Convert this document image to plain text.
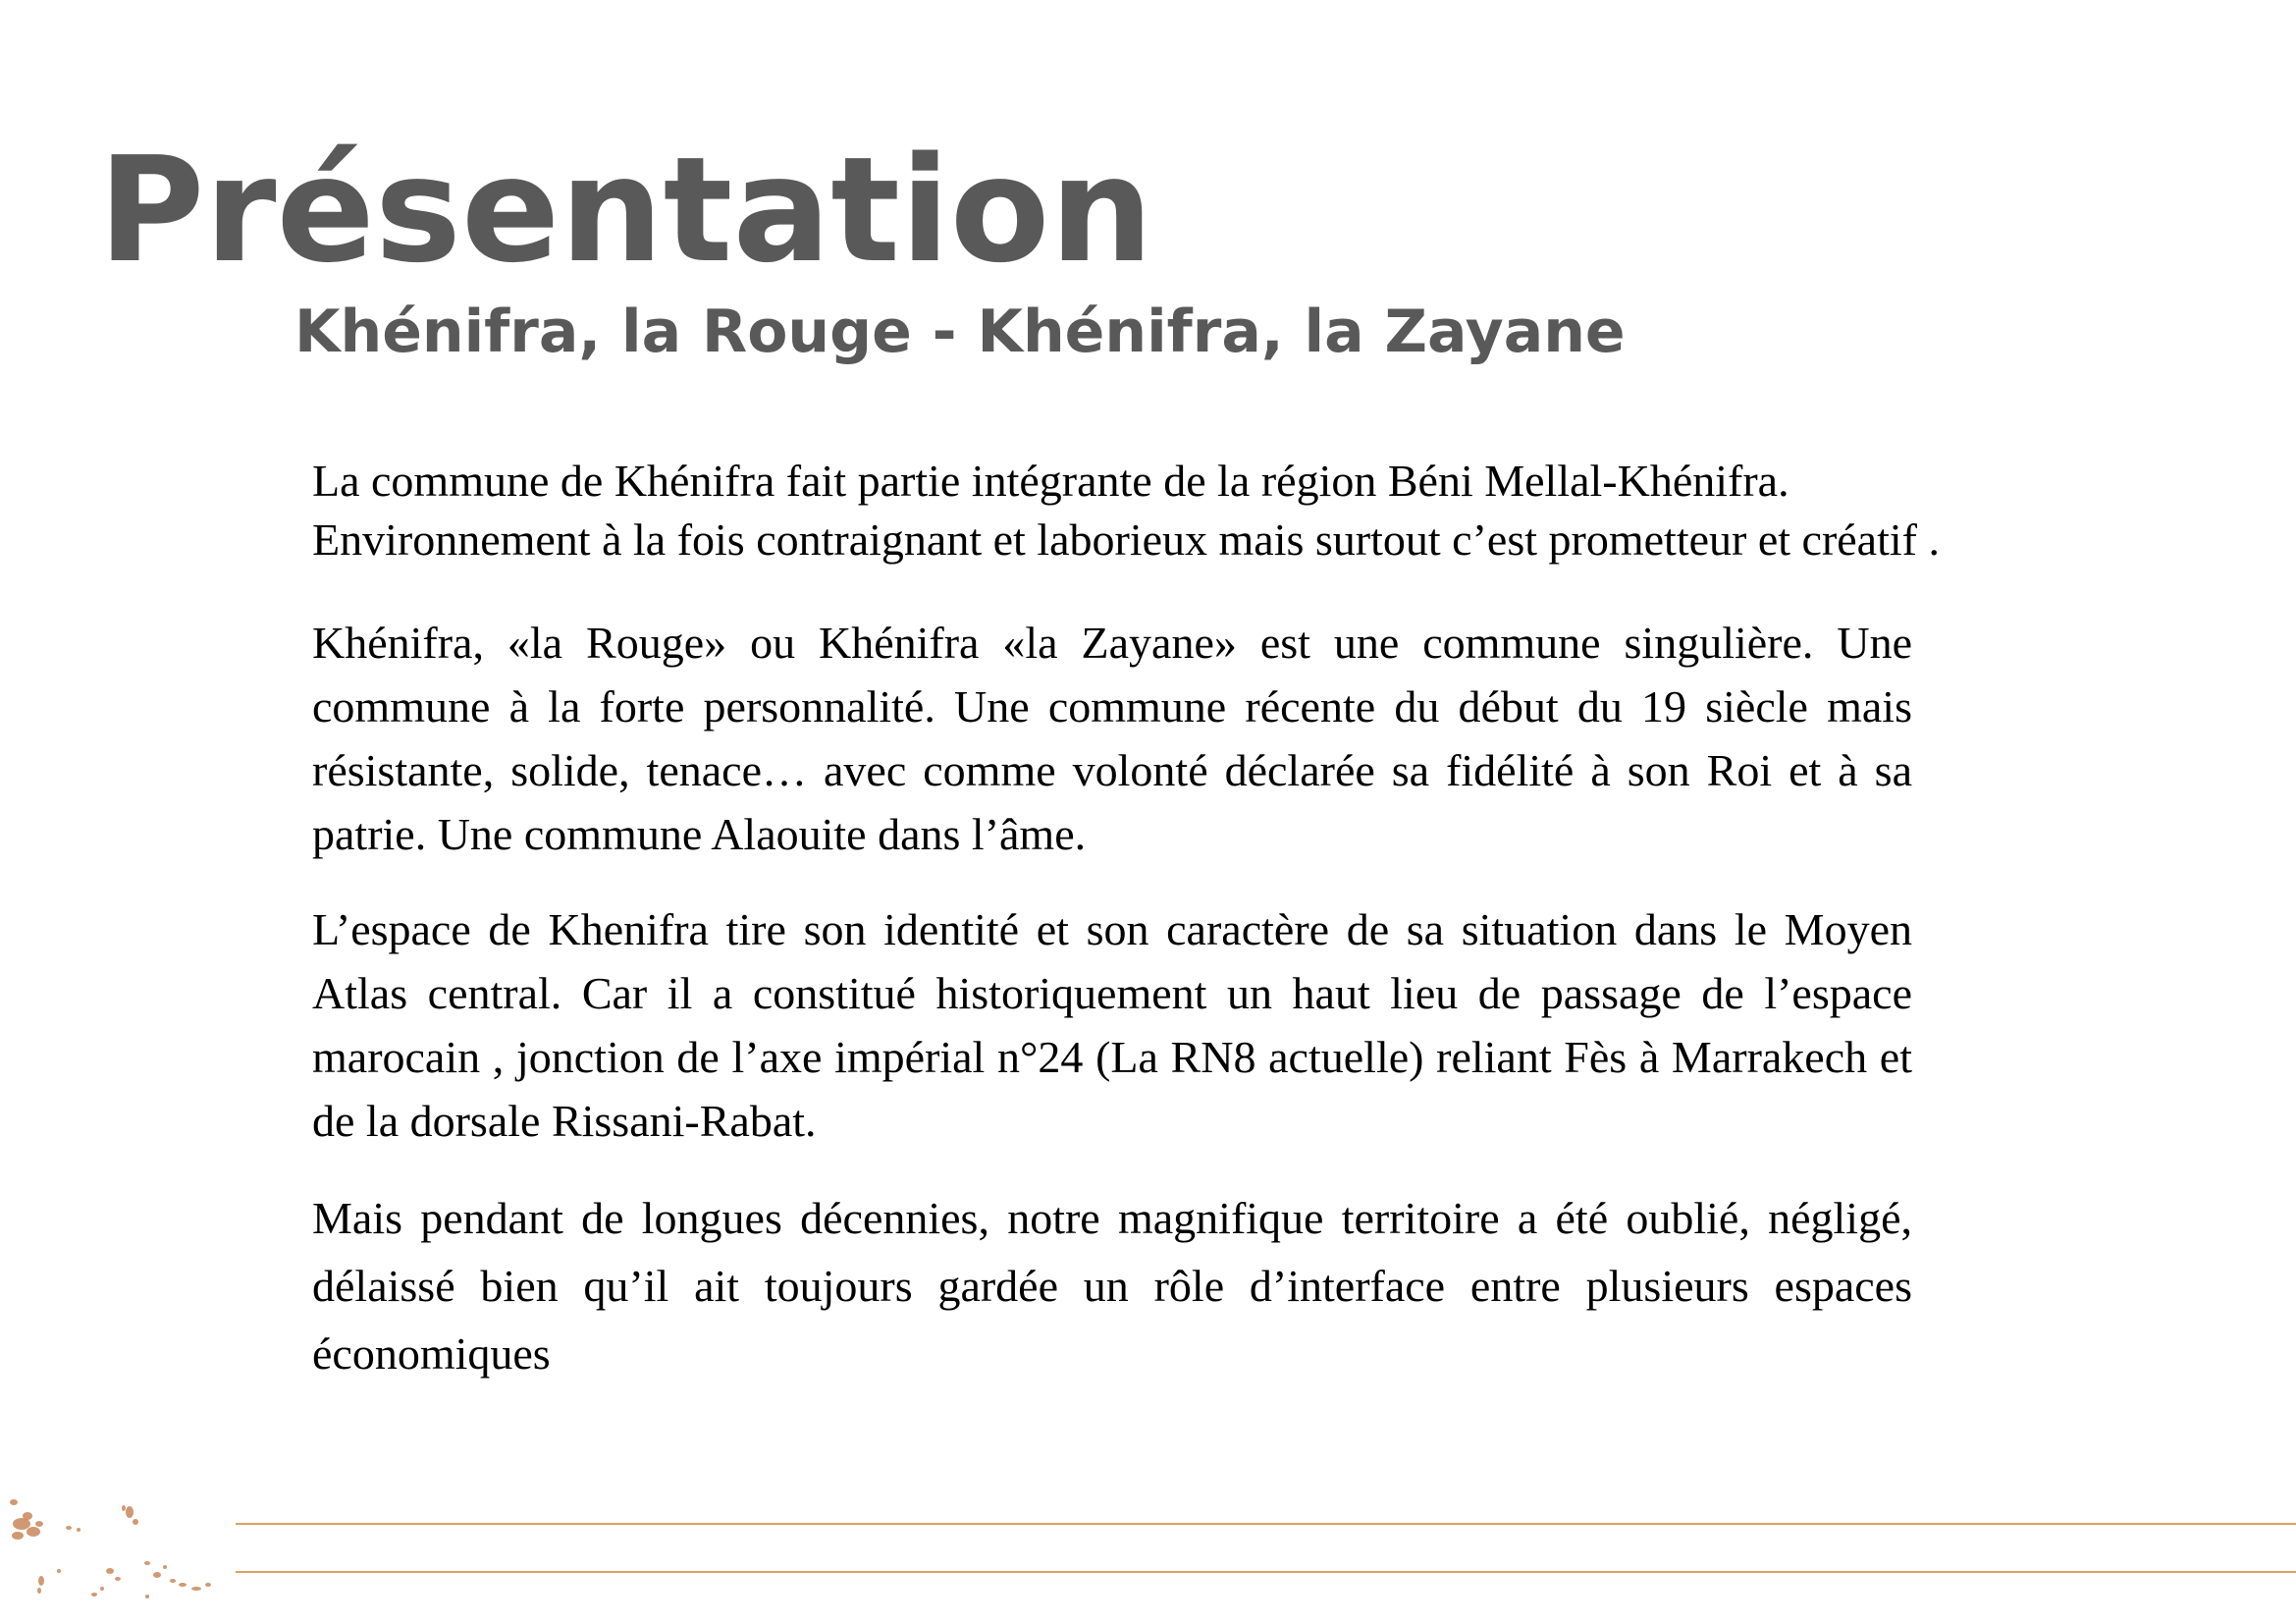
Présentation
Khénifra, la Rouge - Khénifra, la Zayane

La commune de Khénifra fait partie intégrante de la région Béni Mellal-Khénifra.
Environnement à la fois contraignant et laborieux mais surtout c’est prometteur et créatif .

Khénifra, «la Rouge» ou Khénifra «la Zayane» est une commune singulière. Une commune à la forte personnalité. Une commune récente du début du 19 siècle mais résistante, solide, tenace… avec comme volonté déclarée sa fidélité à son Roi et à sa patrie. Une commune Alaouite dans l’âme.

L’espace de Khenifra tire son identité et son caractère de sa situation dans le Moyen Atlas central. Car il a constitué historiquement un haut lieu de passage de l’espace marocain , jonction de l’axe impérial n°24 (La RN8 actuelle) reliant Fès à Marrakech et de la dorsale Rissani-Rabat.

Mais pendant de longues décennies, notre magnifique territoire a été oublié, négligé, délaissé bien qu’il ait toujours gardée un rôle d’interface entre plusieurs espaces économiques
